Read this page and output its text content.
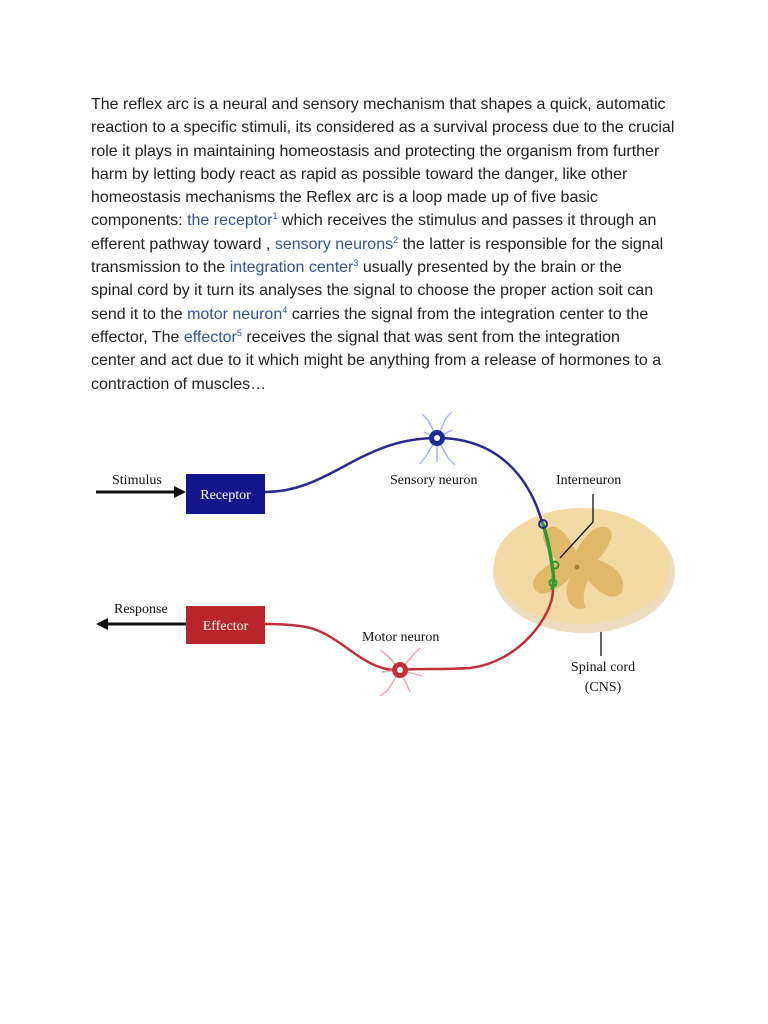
The reflex arc is a neural and sensory mechanism that shapes a quick, automatic
reaction to a specific stimuli, its considered as a survival process due to the crucial
role it plays in maintaining homeostasis and protecting the organism from further
harm by letting body react as rapid as possible toward the danger, like other
homeostasis mechanisms the Reflex arc is a loop made up of five basic
components: the receptor$^1$ which receives the stimulus and passes it through an
efferent pathway toward , sensory neurons$^2$ the latter is responsible for the signal
transmission to the integration center$^3$ usually presented by the brain or the
spinal cord by it turn its analyses the signal to choose the proper action soit can
send it to the motor neuron$^4$ carries the signal from the integration center to the
effector, The effector$^5$ receives the signal that was sent from the integration
center and act due to it which might be anything from a release of hormones to a
contraction of muscles…
Stimulus
Receptor
Response
Effector
Sensory neuron	Interneuron
Motor neuron
Spinal cord
(CNS)
